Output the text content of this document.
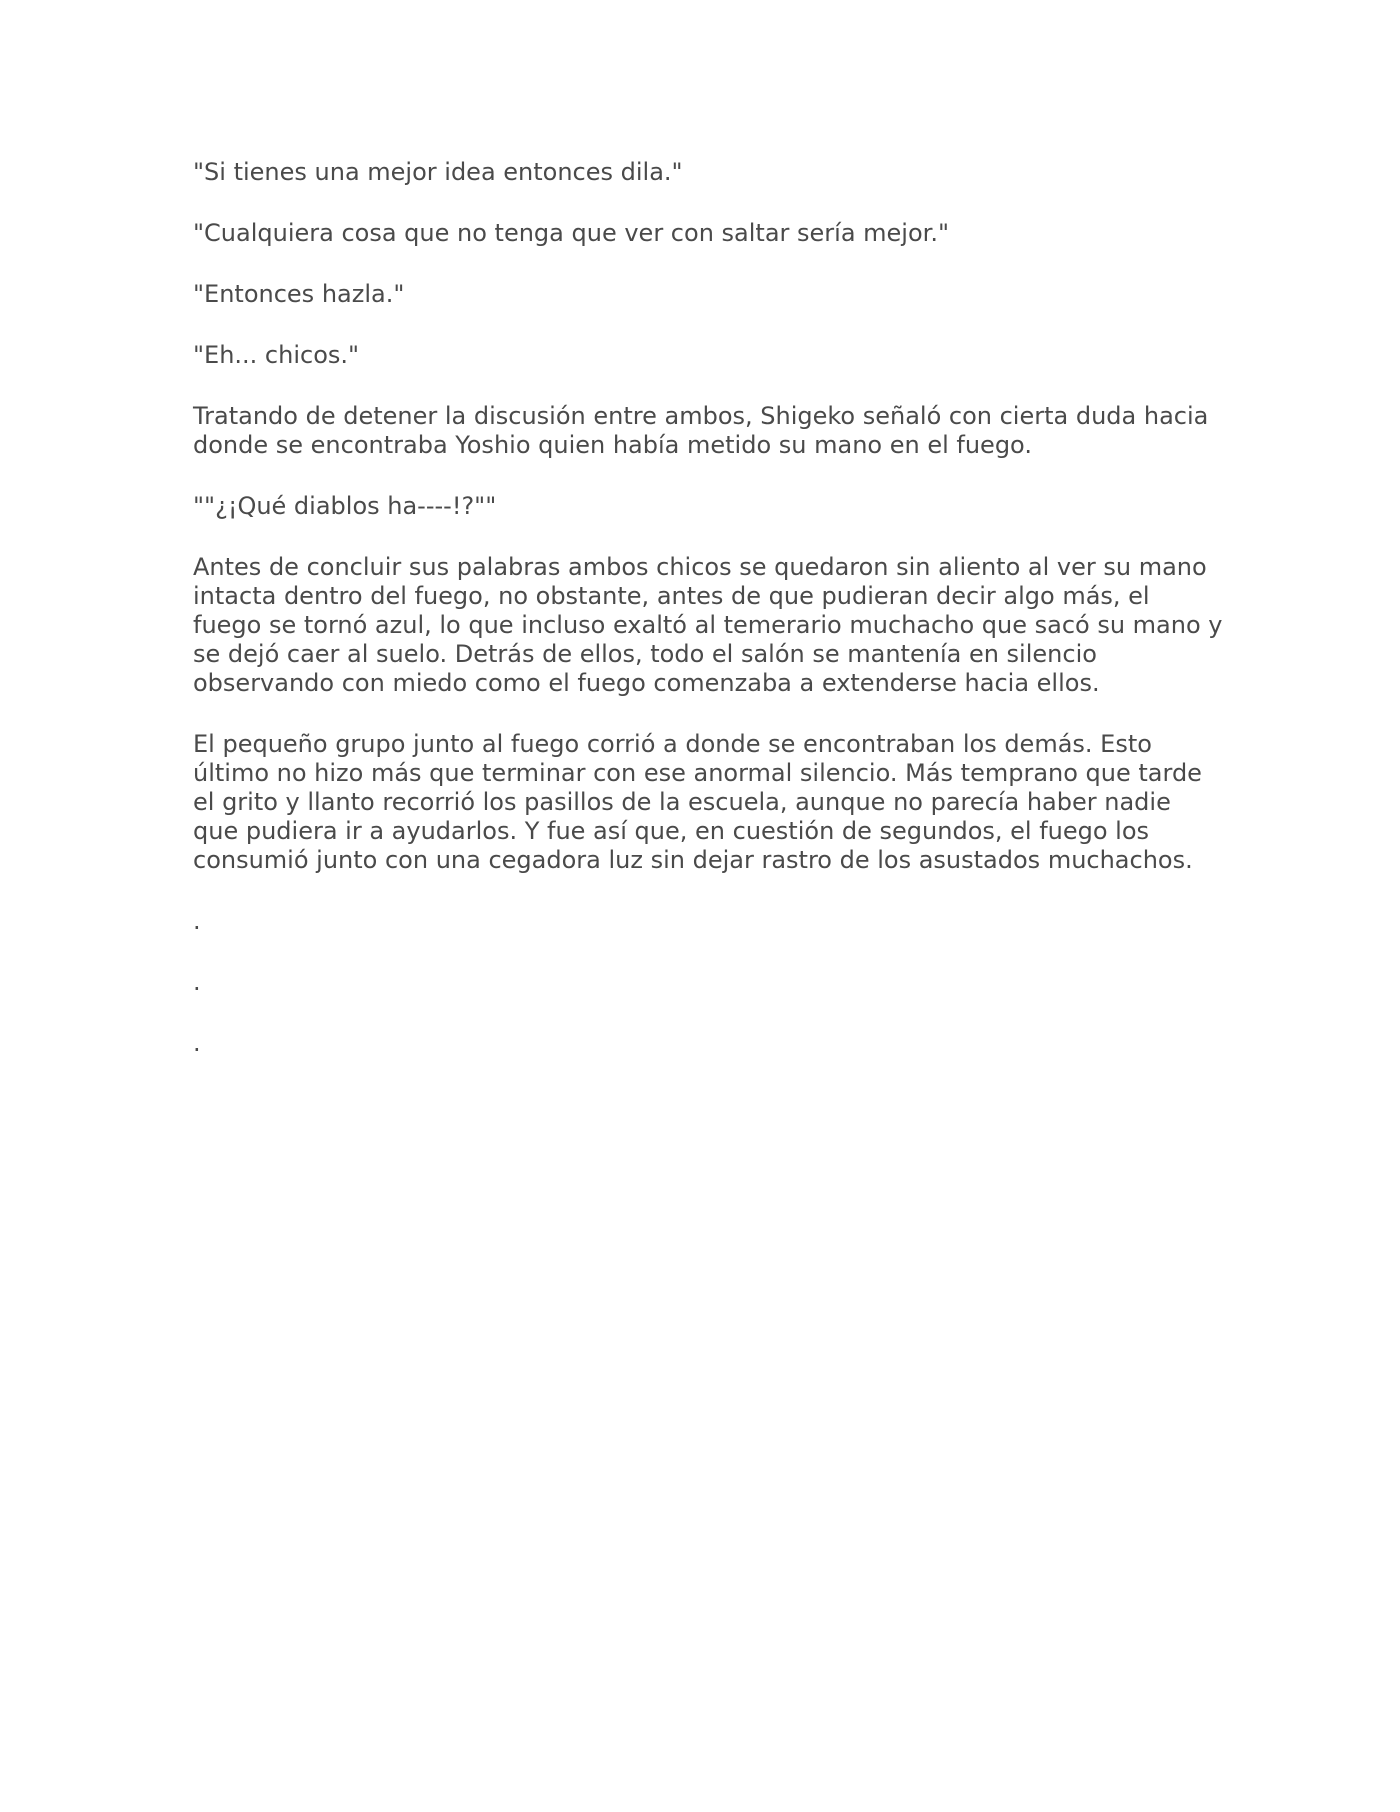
"Si tienes una mejor idea entonces dila."

"Cualquiera cosa que no tenga que ver con saltar sería mejor."

"Entonces hazla."

"Eh... chicos."

Tratando de detener la discusión entre ambos, Shigeko señaló con cierta duda hacia donde se encontraba Yoshio quien había metido su mano en el fuego.

""¿¡Qué diablos ha----!?""

Antes de concluir sus palabras ambos chicos se quedaron sin aliento al ver su mano intacta dentro del fuego, no obstante, antes de que pudieran decir algo más, el fuego se tornó azul, lo que incluso exaltó al temerario muchacho que sacó su mano y se dejó caer al suelo. Detrás de ellos, todo el salón se mantenía en silencio observando con miedo como el fuego comenzaba a extenderse hacia ellos.

El pequeño grupo junto al fuego corrió a donde se encontraban los demás. Esto último no hizo más que terminar con ese anormal silencio. Más temprano que tarde el grito y llanto recorrió los pasillos de la escuela, aunque no parecía haber nadie que pudiera ir a ayudarlos. Y fue así que, en cuestión de segundos, el fuego los consumió junto con una cegadora luz sin dejar rastro de los asustados muchachos.

.

.

.
